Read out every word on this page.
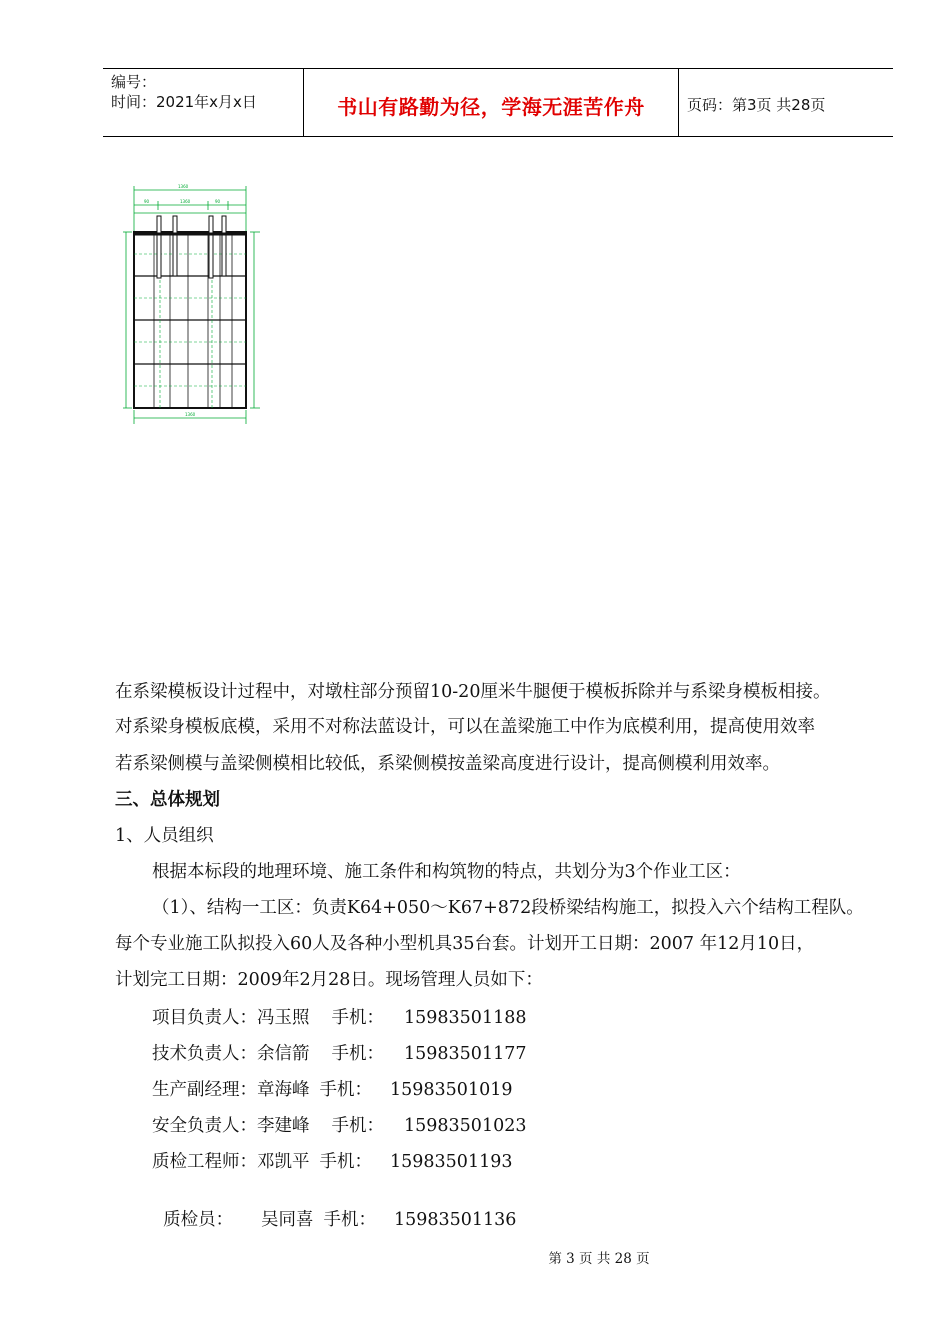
编号：
时间：2021年x月x日	书山有路勤为径，学海无涯苦作舟	页码：第3页 共28页
1360
90	1360	90
1360
在系梁模板设计过程中，对墩柱部分预留10-20厘米牛腿便于模板拆除并与系梁身模板相接。
对系梁身模板底模，采用不对称法蓝设计，可以在盖梁施工中作为底模利用，提高使用效率
若系梁侧模与盖梁侧模相比较低，系梁侧模按盖梁高度进行设计，提高侧模利用效率。
三、总体规划
1、人员组织
根据本标段的地理环境、施工条件和构筑物的特点，共划分为3个作业工区：
（1）、结构一工区：负责K64+050～K67+872段桥梁结构施工，拟投入六个结构工程队。
每个专业施工队拟投入60人及各种小型机具35台套。计划开工日期：2007 年12月10日，
计划完工日期：2009年2月28日。现场管理人员如下：
项目负责人：冯玉照 手机： 15983501188
技术负责人：余信箭 手机： 15983501177
生产副经理：章海峰 手机： 15983501019
安全负责人：李建峰 手机： 15983501023
质检工程师：邓凯平 手机： 15983501193

质检员：     吴同喜 手机： 15983501136

第 3 页 共 28 页
